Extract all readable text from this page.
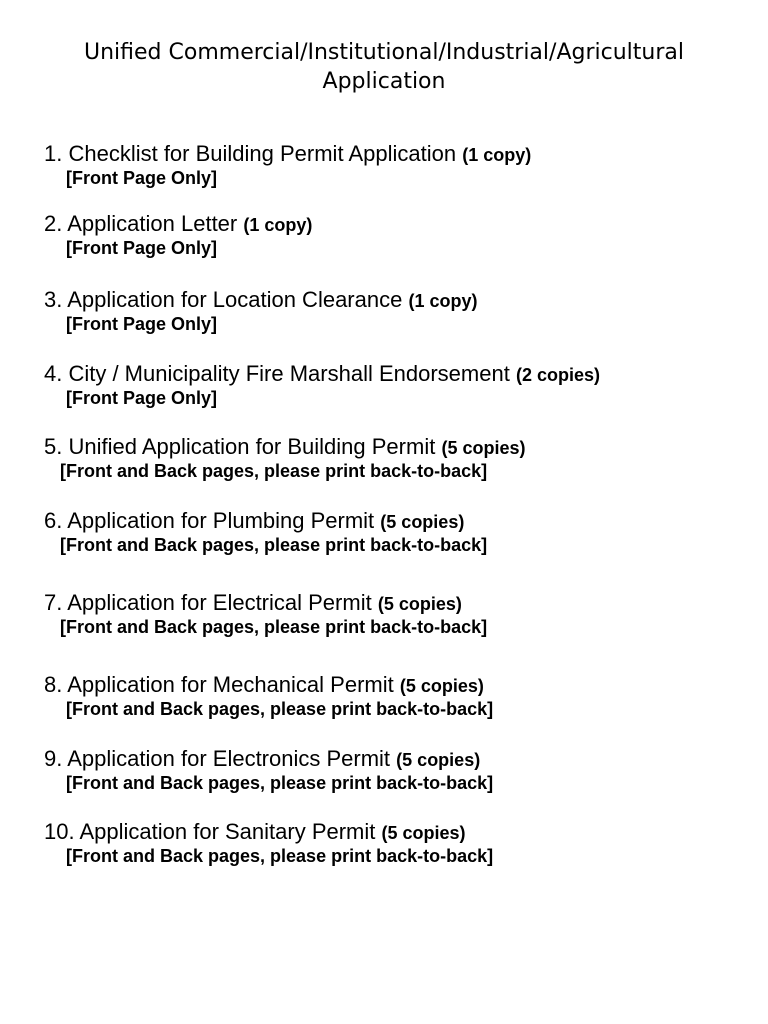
Unified Commercial/Institutional/Industrial/Agricultural
Application
1. Checklist for Building Permit Application (1 copy)
[Front Page Only]
2. Application Letter (1 copy)
[Front Page Only]
3. Application for Location Clearance (1 copy)
[Front Page Only]
4. City / Municipality Fire Marshall Endorsement (2 copies)
[Front Page Only]
5. Unified Application for Building Permit (5 copies)
[Front and Back pages, please print back-to-back]
6. Application for Plumbing Permit (5 copies)
[Front and Back pages, please print back-to-back]
7. Application for Electrical Permit (5 copies)
[Front and Back pages, please print back-to-back]
8. Application for Mechanical Permit (5 copies)
[Front and Back pages, please print back-to-back]
9. Application for Electronics Permit (5 copies)
[Front and Back pages, please print back-to-back]
10. Application for Sanitary Permit (5 copies)
[Front and Back pages, please print back-to-back]
